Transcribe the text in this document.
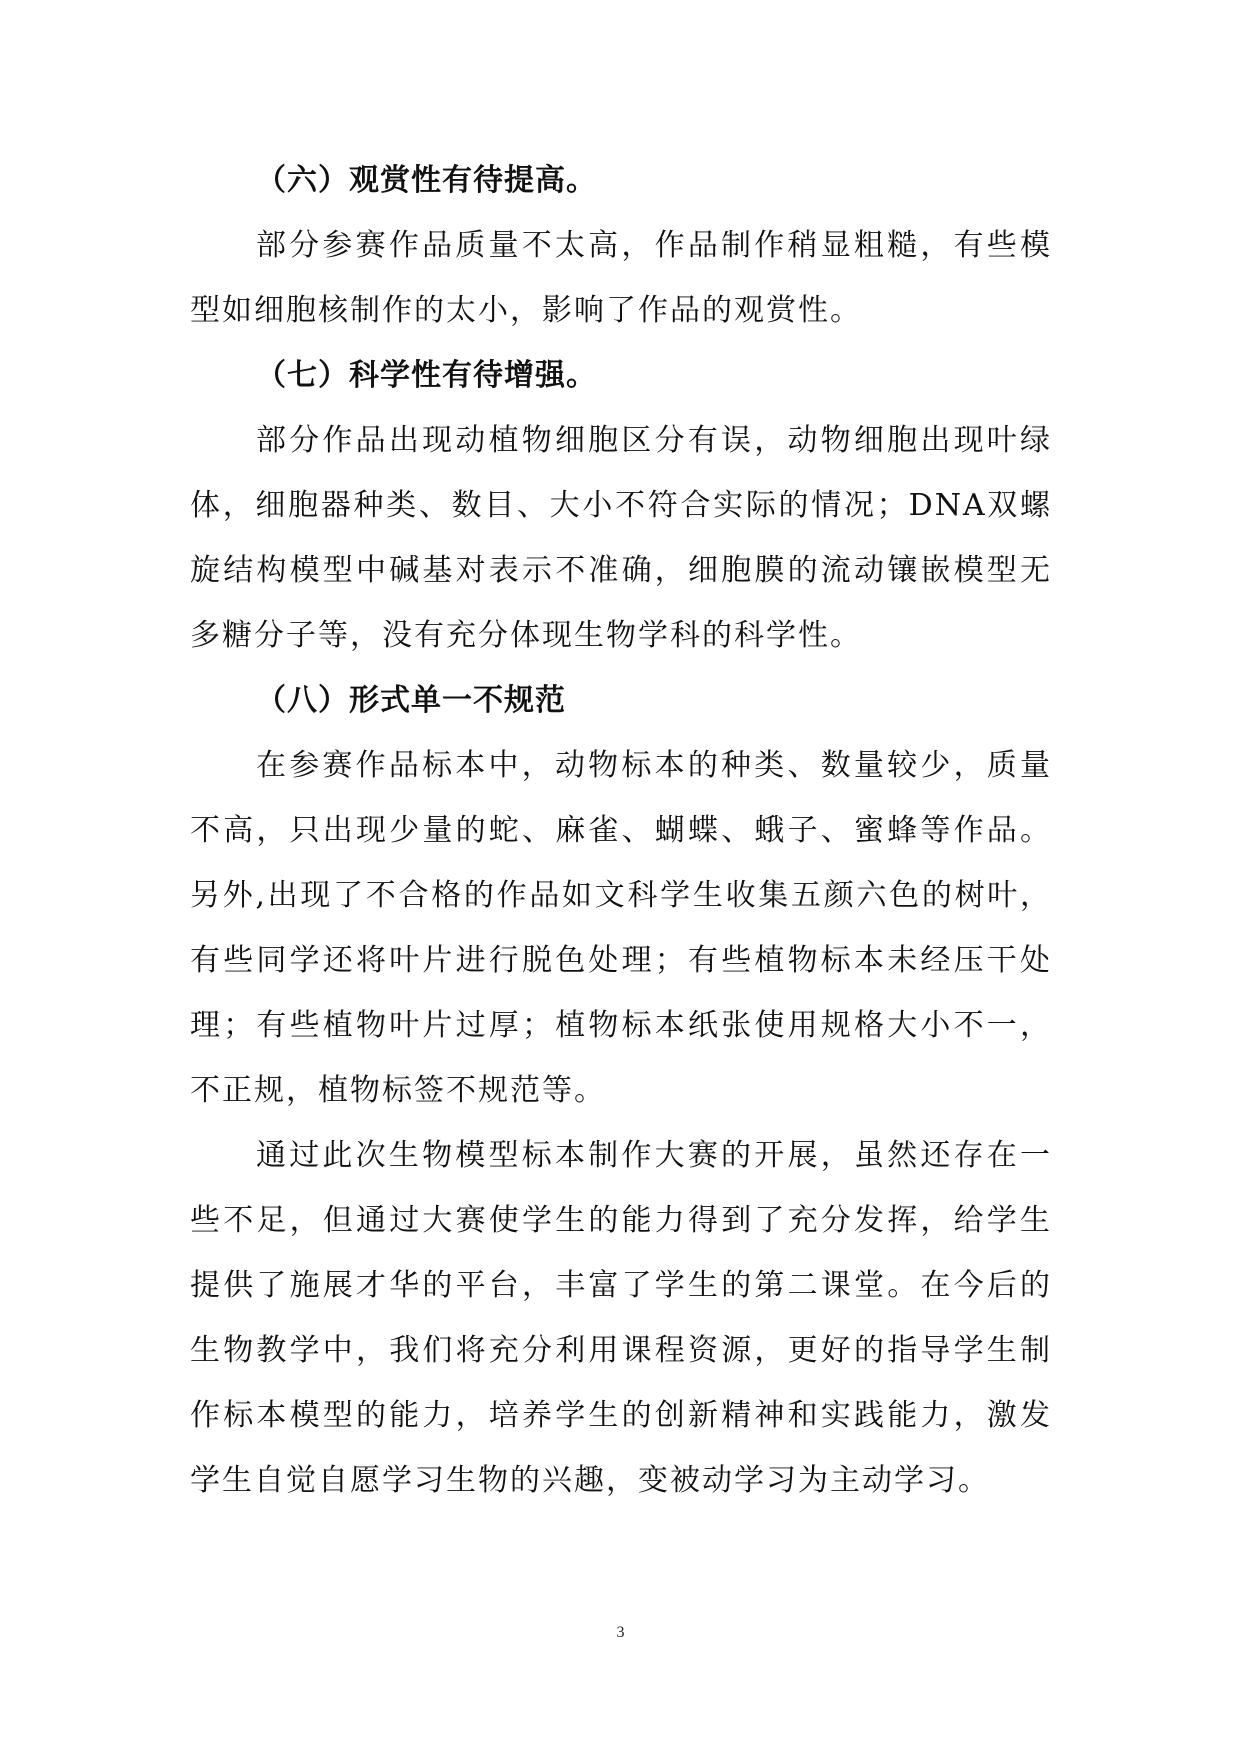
（六）观赏性有待提高。

部分参赛作品质量不太高，作品制作稍显粗糙，有些模型如细胞核制作的太小，影响了作品的观赏性。

（七）科学性有待增强。

部分作品出现动植物细胞区分有误，动物细胞出现叶绿体，细胞器种类、数目、大小不符合实际的情况；DNA双螺旋结构模型中碱基对表示不准确，细胞膜的流动镶嵌模型无多糖分子等，没有充分体现生物学科的科学性。

（八）形式单一不规范

在参赛作品标本中，动物标本的种类、数量较少，质量不高，只出现少量的蛇、麻雀、蝴蝶、蛾子、蜜蜂等作品。另外,出现了不合格的作品如文科学生收集五颜六色的树叶，有些同学还将叶片进行脱色处理；有些植物标本未经压干处理；有些植物叶片过厚；植物标本纸张使用规格大小不一，不正规，植物标签不规范等。

通过此次生物模型标本制作大赛的开展，虽然还存在一些不足，但通过大赛使学生的能力得到了充分发挥，给学生提供了施展才华的平台，丰富了学生的第二课堂。在今后的生物教学中，我们将充分利用课程资源，更好的指导学生制作标本模型的能力，培养学生的创新精神和实践能力，激发学生自觉自愿学习生物的兴趣，变被动学习为主动学习。

3
